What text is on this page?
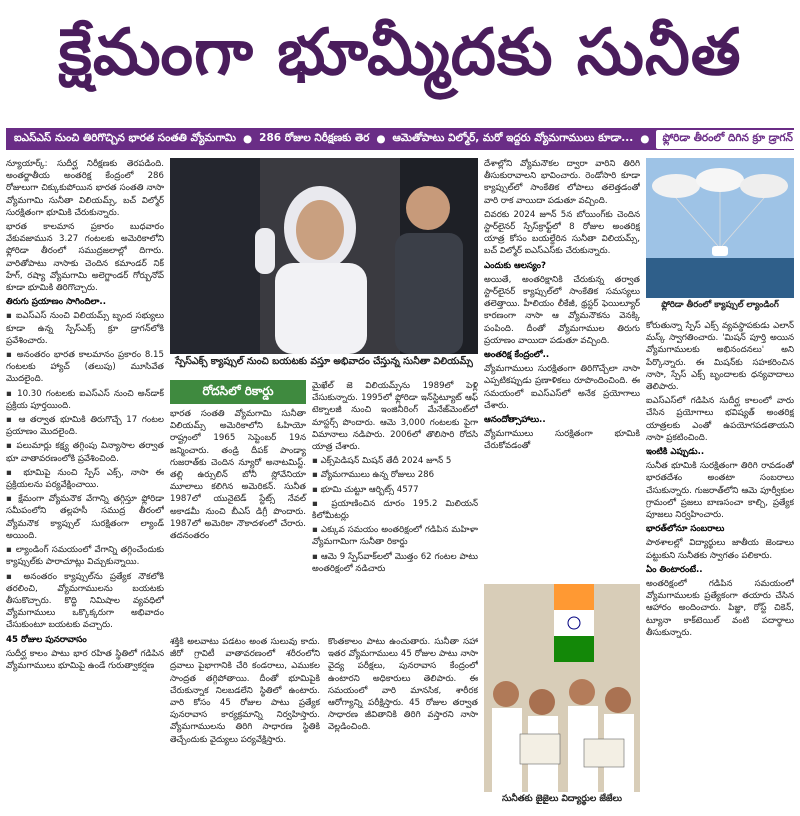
క్షేమంగా భూమ్మీదకు సునీత
ఐఎస్ఎస్ నుంచి తిరిగొచ్చిన భారత సంతతి వ్యోమగామి ● 286 రోజుల నిరీక్షణకు తెర ● ఆమెతోపాటు విల్మోర్, మరో ఇద్దరు వ్యోమగాములు కూడా... ●	ఫ్లోరిడా తీరంలో దిగిన క్రూ డ్రాగన్

న్యూయార్క్: సుదీర్ఘ నిరీక్షణకు తెరపడింది. అంతర్జాతీయ అంతరిక్ష కేంద్రంలో 286 రోజులుగా చిక్కుకుపోయిన భారత సంతతి నాసా వ్యోమగామి సునీతా విలియమ్స్, బచ్ విల్మోర్ సురక్షితంగా భూమికి చేరుకున్నారు.

భారత కాలమాన ప్రకారం బుధవారం వేకువజామున 3.27 గంటలకు అమెరికాలోని ఫ్లోరిడా తీరంలో సముద్రజలాల్లో దిగారు. వారితోపాటు నాసాకు చెందిన కమాండర్ నిక్ హేగ్, రష్యా వ్యోమగామి అలెగ్జాండర్ గోర్బునోవ్ కూడా భూమికి తిరిగొచ్చారు.

తిరుగు ప్రయాణం సాగిందిలా..

▪ ఐఎస్ఎస్ నుంచి విలియమ్స్ బృంద సభ్యులు కూడా ఉన్న స్పేస్‌ఎక్స్ క్రూ డ్రాగన్‌లోకి ప్రవేశించారు.

▪ అనంతరం భారత కాలమానం ప్రకారం 8.15 గంటలకు హ్యాచ్ (తలుపు) మూసివేత మొదలైంది.

▪ 10.30 గంటలకు ఐఎస్ఎస్ నుంచి అన్‌డాక్ ప్రక్రియ పూర్తయింది.

▪ ఆ తర్వాత భూమికి తిరుగొచ్చే 17 గంటల ప్రయాణం మొదలైంది.

▪ పలుమార్లు కక్ష్య తగ్గింపు విన్యాసాల తర్వాత భూ వాతావరణంలోకి ప్రవేశించింది.

▪ భూమిపై నుంచి స్పేస్ ఎక్స్, నాసా ఈ ప్రక్రియలను పర్యవేక్షించాయి.

▪ క్షేమంగా వ్యోమనౌక వేగాన్ని తగ్గిస్తూ ఫ్లోరిడా సమీపంలోని తల్లహసీ సముద్ర తీరంలో వ్యోమనౌక క్యాప్సుల్ సురక్షితంగా ల్యాండ్ అయింది.

▪ ల్యాండింగ్ సమయంలో వేగాన్ని తగ్గించేందుకు క్యాప్సుల్‌కు పారాచూట్లు విచ్చుకున్నాయి.

▪ అనంతరం క్యాప్సుల్‌ను ప్రత్యేక నౌకలోకి తరలించి, వ్యోమగాములను బయటకు తీసుకొచ్చారు. కొద్ది నిమిషాల వ్యవధిలో వ్యోమగాములు ఒక్కొక్కరుగా అభివాదం చేసుకుంటూ బయటకు వచ్చారు.

45 రోజుల పునరావాసం

సుదీర్ఘ కాలం పాటు భార రహిత స్థితిలో గడిపిన వ్యోమగాములు భూమిపై ఉండే గురుత్వాకర్షణ

స్పేస్‌ఎక్స్ క్యాప్సుల్ నుంచి బయటకు వస్తూ అభివాదం చేస్తున్న సునీతా విలియమ్స్
రోదసిలో రికార్డు
భారత సంతతి వ్యోమగామి సునీతా విలియమ్స్ అమెరికాలోని ఓహియో రాష్ట్రంలో 1965 సెప్టెంబర్ 19న జన్మించారు. తండ్రి దీపక్ పాండ్యా గుజరాత్‌కు చెందిన న్యూరో అనాటమిస్ట్. తల్లి ఉర్సులిన్ బోనీ స్లోవేనియా మూలాలు కలిగిన అమెరికన్. సునీత 1987లో యునైటెడ్ స్టేట్స్ నేవల్ అకాడమీ నుంచి బీఎస్ డిగ్రీ పొందారు. 1987లో అమెరికా నౌకాదళంలో చేరారు. తదనంతరం

మైఖేల్ జె విలియమ్స్‌ను 1989లో పెళ్లి చేసుకున్నారు. 1995లో ఫ్లోరిడా ఇన్‌స్టిట్యూట్ ఆఫ్ టెక్నాలజీ నుంచి ఇంజినీరింగ్ మేనేజ్‌మెంట్‌లో మాస్టర్స్ పొందారు. ఆమె 3,000 గంటలకు పైగా విమానాలు నడిపారు. 2006లో తొలిసారి రోదసి యాత్ర చేశారు.

▪ ఎక్స్‌పెడిషన్ మిషన్ తేదీ 2024 జూన్ 5

▪ వ్యోమగాములు ఉన్న రోజులు 286

▪ భూమి చుట్టూ ఆర్బిట్స్ 4577

▪ ప్రయాణించిన దూరం 195.2 మిలియన్ కిలోమీటర్లు

▪ ఎక్కువ సమయం అంతరిక్షంలో గడిపిన మహిళా వ్యోమగామిగా సునీతా రికార్డు

▪ ఆమె 9 స్పేస్‌వాక్‌లలో మొత్తం 62 గంటల పాటు అంతరిక్షంలో నడిచారు

శక్తికి అలవాటు పడటం అంత సులువు కాదు. జీరో గ్రావిటీ వాతావరణంలో శరీరంలోని ద్రవాలు పైభాగానికి చేరి కండరాలు, ఎముకల సాంద్రత తగ్గిపోతాయి. దీంతో భూమిపైకి చేరుకున్నాక నిలబడలేని స్థితిలో ఉంటారు. వారి కోసం 45 రోజుల పాటు ప్రత్యేక పునరావాస కార్యక్రమాన్ని నిర్వహిస్తారు. వ్యోమగాములను తిరిగి సాధారణ స్థితికి తెచ్చేందుకు వైద్యులు పర్యవేక్షిస్తారు.

కొంతకాలం పాటు ఉంచుతారు. సునీతా సహా ఇతర వ్యోమగాములు 45 రోజుల పాటు నాసా వైద్య పరీక్షలు, పునరావాస కేంద్రంలో ఉంటారని అధికారులు తెలిపారు. ఈ సమయంలో వారి మానసిక, శారీరక ఆరోగ్యాన్ని పరీక్షిస్తారు. 45 రోజుల తర్వాత సాధారణ జీవితానికి తిరిగి వస్తారని నాసా వెల్లడించింది.

దేశాల్లోని వ్యోమనౌకల ద్వారా వారిని తిరిగి తీసుకురావాలని భావించారు. రెండోసారి కూడా క్యాప్సుల్‌లో సాంకేతిక లోపాలు తలెత్తడంతో వారి రాక వాయిదా పడుతూ వచ్చింది.

చివరకు 2024 జూన్ 5న బోయింగ్‌కు చెందిన స్టార్‌లైనర్ స్పేస్‌క్రాఫ్ట్‌లో 8 రోజుల అంతరిక్ష యాత్ర కోసం బయల్దేరిన సునీతా విలియమ్స్, బచ్ విల్మోర్ ఐఎస్ఎస్‌కు చేరుకున్నారు.

ఎందుకు ఆలస్యం?

అయితే, అంతరిక్షానికి చేరుకున్న తర్వాత స్టార్‌లైనర్ క్యాప్సుల్‌లో సాంకేతిక సమస్యలు తలెత్తాయి. హీలియం లీకేజీ, థ్రస్టర్ ఫెయిల్యూర్ కారణంగా నాసా ఆ వ్యోమనౌకను వెనక్కి పంపింది. దీంతో వ్యోమగాముల తిరుగు ప్రయాణం వాయిదా పడుతూ వచ్చింది.

అంతరిక్ష కేంద్రంలో..

వ్యోమగాములు సురక్షితంగా తిరిగొచ్చేలా నాసా ఎప్పటికప్పుడు ప్రణాళికలు రూపొందించింది. ఈ సమయంలో ఐఎస్ఎస్‌లో అనేక ప్రయోగాలు చేశారు.

ఆనందోత్సాహాలు..

వ్యోమగాములు సురక్షితంగా భూమికి చేరుకోవడంతో

ఫ్లోరిడా తీరంలో క్యాప్సుల్ ల్యాండింగ్

కోరుతున్నా స్పేస్ ఎక్స్ వ్యవస్థాపకుడు ఎలాన్ మస్క్ స్వాగతించారు. 'మిషన్ పూర్తి అయిన వ్యోమగాములకు అభినందనలు' అని పేర్కొన్నారు. ఈ మిషన్‌కు సహకరించిన నాసా, స్పేస్ ఎక్స్ బృందాలకు ధన్యవాదాలు తెలిపారు.

ఐఎస్ఎస్‌లో గడిపిన సుదీర్ఘ కాలంలో వారు చేసిన ప్రయోగాలు భవిష్యత్ అంతరిక్ష యాత్రలకు ఎంతో ఉపయోగపడతాయని నాసా ప్రకటించింది.

ఇంటికి ఎప్పుడు..

సునీత భూమికి సురక్షితంగా తిరిగి రావడంతో భారతదేశం అంతటా సంబరాలు చేసుకున్నారు. గుజరాత్‌లోని ఆమె పూర్వీకుల గ్రామంలో ప్రజలు బాణసంచా కాల్చి, ప్రత్యేక పూజలు నిర్వహించారు.

భారత్‌లోనూ సంబరాలు

పాఠశాలల్లో విద్యార్థులు జాతీయ జెండాలు పట్టుకుని సునీతకు స్వాగతం పలికారు.

ఏం తింటారంటే..

అంతరిక్షంలో గడిపిన సమయంలో వ్యోమగాములకు ప్రత్యేకంగా తయారు చేసిన ఆహారం అందించారు. పిజ్జా, రోస్ట్ చికెన్, ట్యూనా కాక్‌టెయిల్ వంటి పదార్థాలు తీసుకున్నారు.

సునీతకు జైజైలు విద్యార్థుల జేజేలు
